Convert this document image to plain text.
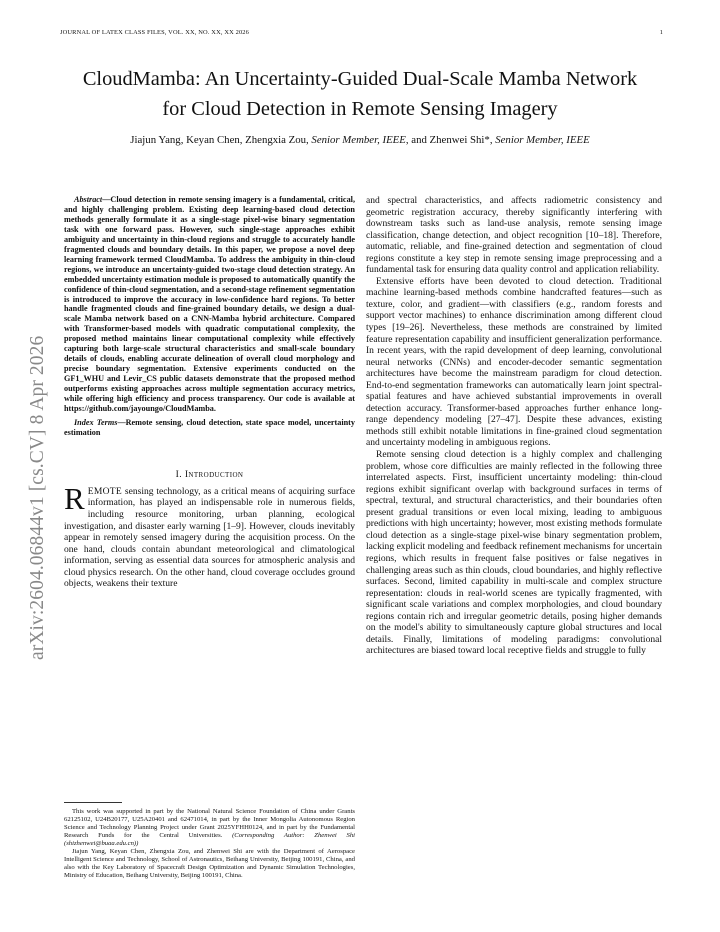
JOURNAL OF LATEX CLASS FILES, VOL. XX, NO. XX, XX 2026	1
arXiv:2604.06844v1 [cs.CV] 8 Apr 2026
CloudMamba: An Uncertainty-Guided Dual-Scale Mamba Network
for Cloud Detection in Remote Sensing Imagery
Jiajun Yang, Keyan Chen, Zhengxia Zou, Senior Member, IEEE, and Zhenwei Shi*, Senior Member, IEEE

Abstract—Cloud detection in remote sensing imagery is a fundamental, critical, and highly challenging problem. Existing deep learning-based cloud detection methods generally formulate it as a single-stage pixel-wise binary segmentation task with one forward pass. However, such single-stage approaches exhibit ambiguity and uncertainty in thin-cloud regions and struggle to accurately handle fragmented clouds and boundary details. In this paper, we propose a novel deep learning framework termed CloudMamba. To address the ambiguity in thin-cloud regions, we introduce an uncertainty-guided two-stage cloud detection strategy. An embedded uncertainty estimation module is proposed to automatically quantify the confidence of thin-cloud segmentation, and a second-stage refinement segmentation is introduced to improve the accuracy in low-confidence hard regions. To better handle fragmented clouds and fine-grained boundary details, we design a dual-scale Mamba network based on a CNN-Mamba hybrid architecture. Compared with Transformer-based models with quadratic computational complexity, the proposed method maintains linear computational complexity while effectively capturing both large-scale structural characteristics and small-scale boundary details of clouds, enabling accurate delineation of overall cloud morphology and precise boundary segmentation. Extensive experiments conducted on the GF1_WHU and Levir_CS public datasets demonstrate that the proposed method outperforms existing approaches across multiple segmentation accuracy metrics, while offering high efficiency and process transparency. Our code is available at https://github.com/jayoungo/CloudMamba.

Index Terms—Remote sensing, cloud detection, state space model, uncertainty estimation

I. Introduction

REMOTE sensing technology, as a critical means of acquiring surface information, has played an indispensable role in numerous fields, including resource monitoring, urban planning, ecological investigation, and disaster early warning [1–9]. However, clouds inevitably appear in remotely sensed imagery during the acquisition process. On the one hand, clouds contain abundant meteorological and climatological information, serving as essential data sources for atmospheric analysis and cloud physics research. On the other hand, cloud coverage occludes ground objects, weakens their texture

and spectral characteristics, and affects radiometric consistency and geometric registration accuracy, thereby significantly interfering with downstream tasks such as land-use analysis, remote sensing image classification, change detection, and object recognition [10–18]. Therefore, automatic, reliable, and fine-grained detection and segmentation of cloud regions constitute a key step in remote sensing image preprocessing and a fundamental task for ensuring data quality control and application reliability.

Extensive efforts have been devoted to cloud detection. Traditional machine learning-based methods combine handcrafted features—such as texture, color, and gradient—with classifiers (e.g., random forests and support vector machines) to enhance discrimination among different cloud types [19–26]. Nevertheless, these methods are constrained by limited feature representation capability and insufficient generalization performance. In recent years, with the rapid development of deep learning, convolutional neural networks (CNNs) and encoder-decoder semantic segmentation architectures have become the mainstream paradigm for cloud detection. End-to-end segmentation frameworks can automatically learn joint spectral-spatial features and have achieved substantial improvements in overall detection accuracy. Transformer-based approaches further enhance long-range dependency modeling [27–47]. Despite these advances, existing methods still exhibit notable limitations in fine-grained cloud segmentation and uncertainty modeling in ambiguous regions.

Remote sensing cloud detection is a highly complex and challenging problem, whose core difficulties are mainly reflected in the following three interrelated aspects. First, insufficient uncertainty modeling: thin-cloud regions exhibit significant overlap with background surfaces in terms of spectral, textural, and structural characteristics, and their boundaries often present gradual transitions or even local mixing, leading to ambiguous predictions with high uncertainty; however, most existing methods formulate cloud detection as a single-stage pixel-wise binary segmentation problem, lacking explicit modeling and feedback refinement mechanisms for uncertain regions, which results in frequent false positives or false negatives in challenging areas such as thin clouds, cloud boundaries, and highly reflective surfaces. Second, limited capability in multi-scale and complex structure representation: clouds in real-world scenes are typically fragmented, with significant scale variations and complex morphologies, and cloud boundary regions contain rich and irregular geometric details, posing higher demands on the model's ability to simultaneously capture global structures and local details. Finally, limitations of modeling paradigms: convolutional architectures are biased toward local receptive fields and struggle to fully

This work was supported in part by the National Natural Science Foundation of China under Grants 62125102, U24B20177, U25A20401 and 62471014, in part by the Inner Mongolia Autonomous Region Science and Technology Planning Project under Grant 2025YFHH0124, and in part by the Fundamental Research Funds for the Central Universities. (Corresponding Author: Zhenwei Shi (shizhenwei@buaa.edu.cn))

Jiajun Yang, Keyan Chen, Zhengxia Zou, and Zhenwei Shi are with the Department of Aerospace Intelligent Science and Technology, School of Astronautics, Beihang University, Beijing 100191, China, and also with the Key Laboratory of Spacecraft Design Optimization and Dynamic Simulation Technologies, Ministry of Education, Beihang University, Beijing 100191, China.
